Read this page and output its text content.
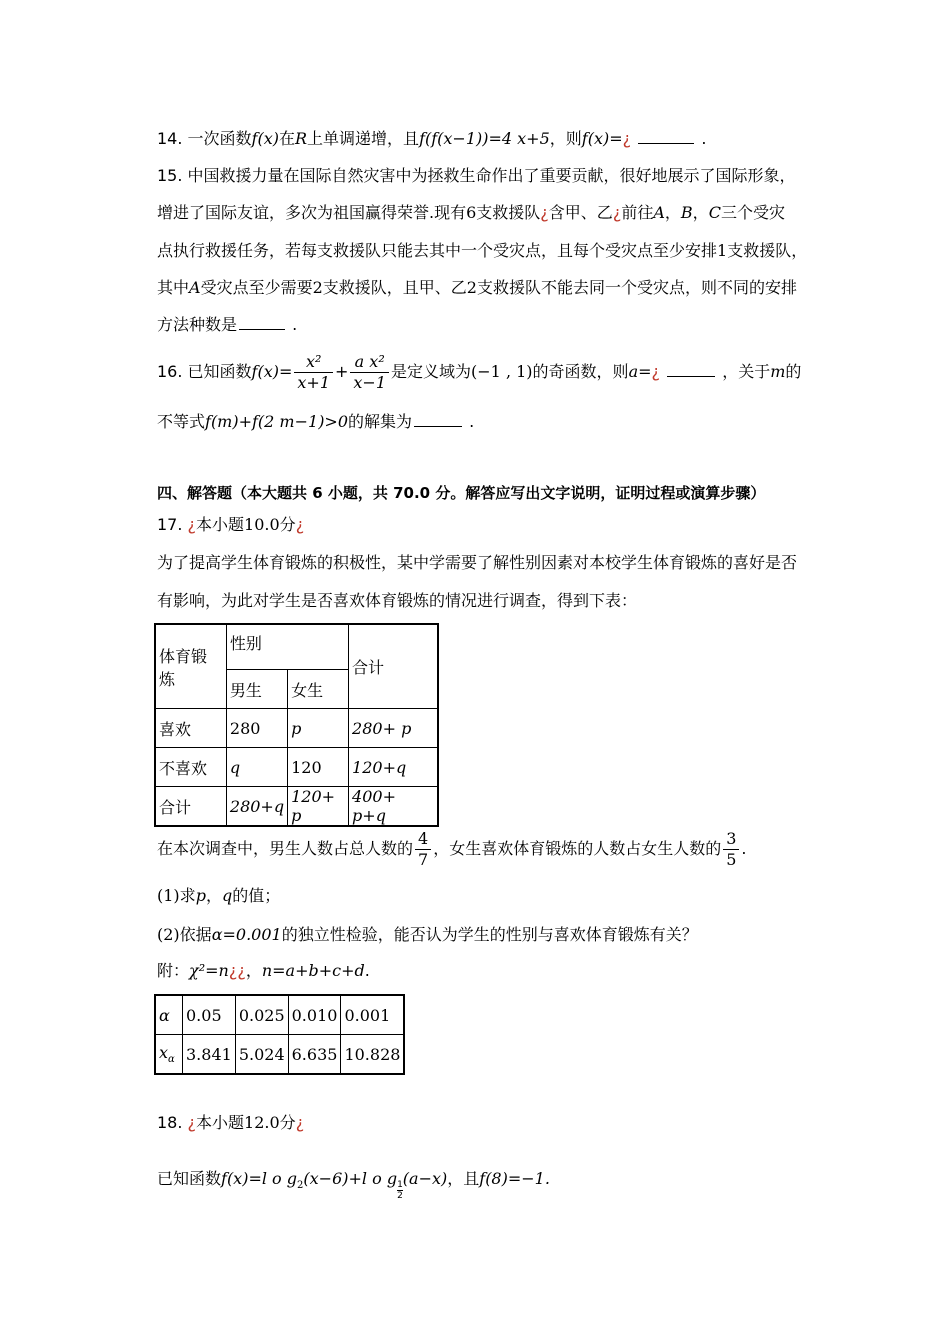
14. 一次函数f(x)在R上单调递增，且f(f(x−1))=4 x+5，则f(x)=¿	.
15. 中国救援力量在国际自然灾害中为拯救生命作出了重要贡献，很好地展示了国际形象，
增进了国际友谊，多次为祖国赢得荣誉.现有6支救援队¿含甲、乙¿前往A，B，C三个受灾
点执行救援任务，若每支救援队只能去其中一个受灾点，且每个受灾点至少安排1支救援队，
其中A受灾点至少需要2支救援队，且甲、乙2支救援队不能去同一个受灾点，则不同的安排
方法种数是	.
16. 已知函数$f(x)= \frac{\text{x²}}{x+1} + \frac{\text{a x²}}{x-1}$ 是定义域为(−1 , 1)的奇函数，则a=¿	，关于m的
不等式f(m)+f(2 m−1)>0的解集为	.
四、解答题（本大题共 6 小题，共 70.0 分。解答应写出文字说明，证明过程或演算步骤）
17. ¿本小题10.0分¿
为了提高学生体育锻炼的积极性，某中学需要了解性别因素对本校学生体育锻炼的喜好是否
有影响，为此对学生是否喜欢体育锻炼的情况进行调查，得到下表：
体育锻炼	性别		合计
	男生	女生	
喜欢	280	p	280+ p
不喜欢	q	120	120+q
合计	280+q	120+ p	400+ p+q
在本次调查中，男生人数占总人数的 $\frac{4}{7}$ ，女生喜欢体育锻炼的人数占女生人数的 $\frac{3}{5}$ .
(1)求p，q的值；
(2)依据α=0.001的独立性检验，能否认为学生的性别与喜欢体育锻炼有关？
附：χ²=n¿¿，n=a+b+c+d.
α	0.05	0.025	0.010	0.001
$x_\alpha$	3.841	5.024	6.635	10.828
18. ¿本小题12.0分¿
已知函数f(x)=l o $g_2(x-6)+l$ o g
$\frac{1}{2}$
(a−x)，且f(8)=−1.
